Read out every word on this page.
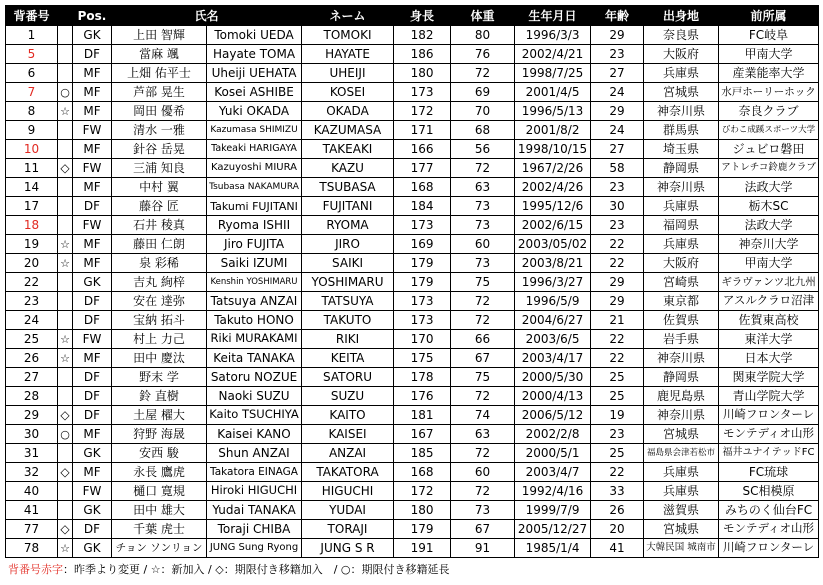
背番号		Pos.	氏名		ネーム	身長	体重	生年月日	年齢	出身地	前所属
1		GK	上田 智輝	Tomoki UEDA	TOMOKI	182	80	1996/3/3	29	奈良県	FC岐阜
5		DF	當麻 颯	Hayate TOMA	HAYATE	186	76	2002/4/21	23	大阪府	甲南大学
6		MF	上畑 佑平士	Uheiji UEHATA	UHEIJI	180	72	1998/7/25	27	兵庫県	産業能率大学
7	○	MF	芦部 晃生	Kosei ASHIBE	KOSEI	173	69	2001/4/5	24	宮城県	水戸ホーリーホック
8	☆	MF	岡田 優希	Yuki OKADA	OKADA	172	70	1996/5/13	29	神奈川県	奈良クラブ
9		FW	清水 一雅	Kazumasa SHIMIZU	KAZUMASA	171	68	2001/8/2	24	群馬県	びわこ成蹊スポーツ大学
10		MF	針谷 岳晃	Takeaki HARIGAYA	TAKEAKI	166	56	1998/10/15	27	埼玉県	ジュビロ磐田
11	◇	FW	三浦 知良	Kazuyoshi MIURA	KAZU	177	72	1967/2/26	58	静岡県	アトレチコ鈴鹿クラブ
14		MF	中村 翼	Tsubasa NAKAMURA	TSUBASA	168	63	2002/4/26	23	神奈川県	法政大学
17		DF	藤谷 匠	Takumi FUJITANI	FUJITANI	184	73	1995/12/6	30	兵庫県	栃木SC
18		FW	石井 稜真	Ryoma ISHII	RYOMA	173	73	2002/6/15	23	福岡県	法政大学
19	☆	MF	藤田 仁朗	Jiro FUJITA	JIRO	169	60	2003/05/02	22	兵庫県	神奈川大学
20	☆	MF	泉 彩稀	Saiki IZUMI	SAIKI	179	73	2003/8/21	22	大阪府	甲南大学
22		GK	吉丸 絢梓	Kenshin YOSHIMARU	YOSHIMARU	179	75	1996/3/27	29	宮崎県	ギラヴァンツ北九州
23		DF	安在 達弥	Tatsuya ANZAI	TATSUYA	173	72	1996/5/9	29	東京都	アスルクラロ沼津
24		DF	宝納 拓斗	Takuto HONO	TAKUTO	173	72	2004/6/27	21	佐賀県	佐賀東高校
25	☆	FW	村上 力己	Riki MURAKAMI	RIKI	170	66	2003/6/5	22	岩手県	東洋大学
26	☆	MF	田中 慶汰	Keita TANAKA	KEITA	175	67	2003/4/17	22	神奈川県	日本大学
27		DF	野末 学	Satoru NOZUE	SATORU	178	75	2000/5/30	25	静岡県	関東学院大学
28		DF	鈴 直樹	Naoki SUZU	SUZU	176	72	2000/4/13	25	鹿児島県	青山学院大学
29	◇	DF	土屋 櫂大	Kaito TSUCHIYA	KAITO	181	74	2006/5/12	19	神奈川県	川崎フロンターレ
30	○	MF	狩野 海晟	Kaisei KANO	KAISEI	167	63	2002/2/8	23	宮城県	モンテディオ山形
31		GK	安西 駿	Shun ANZAI	ANZAI	185	72	2000/5/1	25	福島県会津若松市	福井ユナイテッドFC
32	◇	MF	永長 鷹虎	Takatora EINAGA	TAKATORA	168	60	2003/4/7	22	兵庫県	FC琉球
40		FW	樋口 寛規	Hiroki HIGUCHI	HIGUCHI	172	72	1992/4/16	33	兵庫県	SC相模原
41		GK	田中 雄大	Yudai TANAKA	YUDAI	180	73	1999/7/9	26	滋賀県	みちのく仙台FC
77	◇	DF	千葉 虎士	Toraji CHIBA	TORAJI	179	67	2005/12/27	20	宮城県	モンテディオ山形
78	☆	GK	チョン ソンリョン	JUNG Sung Ryong	JUNG S R	191	91	1985/1/4	41	大韓民国 城南市	川崎フロンターレ
背番号赤字：昨季より変更 / ☆：新加入 / ◇：期限付き移籍加入　/ ○：期限付き移籍延長
